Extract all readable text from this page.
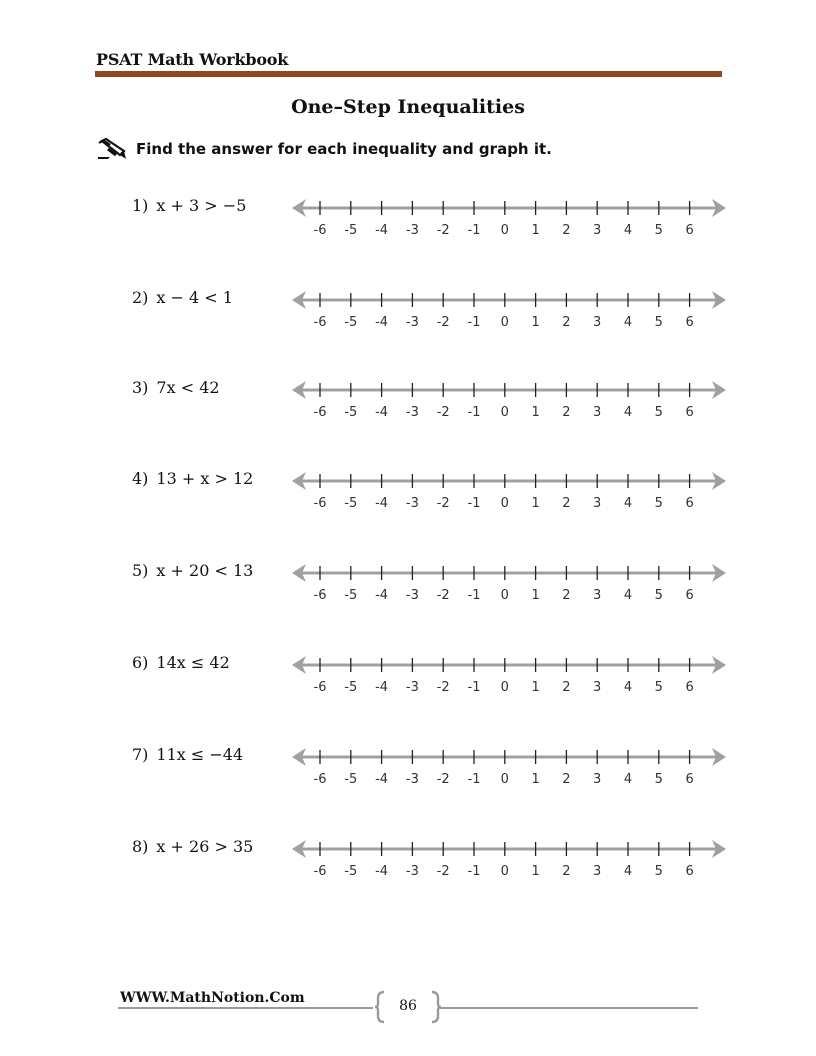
PSAT Math Workbook
One–Step Inequalities
Find the answer for each inequality and graph it.
1) x + 3 > −5
-6 -5 -4 -3 -2 -1 0 1 2 3 4 5 6
2) x − 4 < 1
-6 -5 -4 -3 -2 -1 0 1 2 3 4 5 6
3) 7x < 42
-6 -5 -4 -3 -2 -1 0 1 2 3 4 5 6
4) 13 + x > 12
-6 -5 -4 -3 -2 -1 0 1 2 3 4 5 6
5) x + 20 < 13
-6 -5 -4 -3 -2 -1 0 1 2 3 4 5 6
6) 14x ≤ 42
-6 -5 -4 -3 -2 -1 0 1 2 3 4 5 6
7) 11x ≤ −44
-6 -5 -4 -3 -2 -1 0 1 2 3 4 5 6
8) x + 26 > 35
-6 -5 -4 -3 -2 -1 0 1 2 3 4 5 6
WWW.MathNotion.Com	86
